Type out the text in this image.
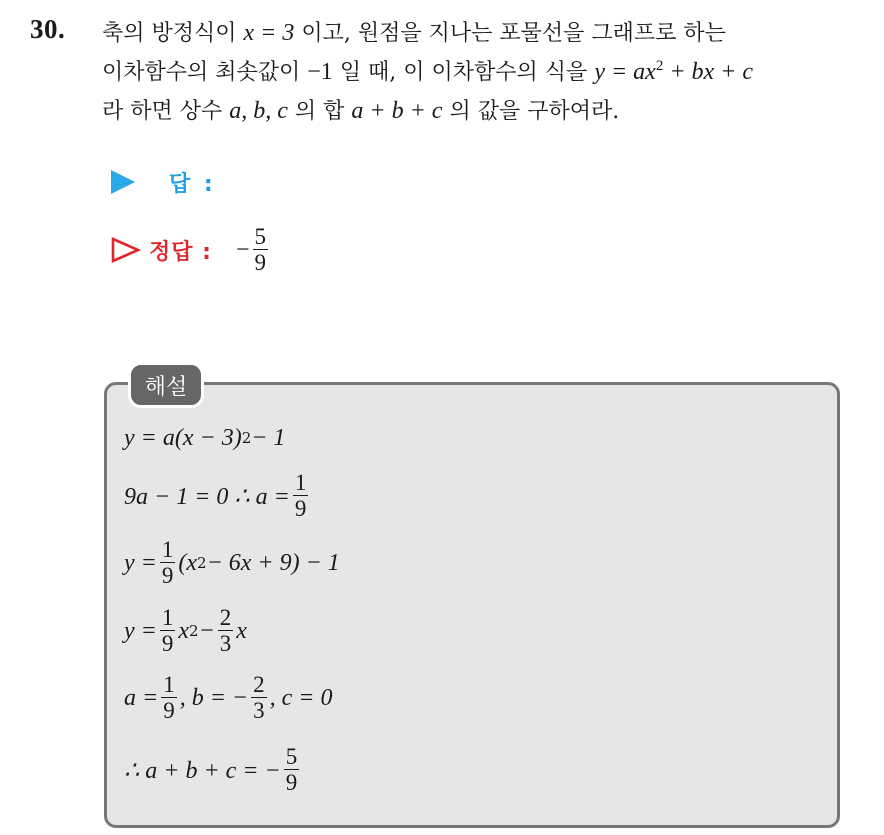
30. 축의 방정식이 x = 3 이고, 원점을 지나는 포물선을 그래프로 하는
이차함수의 최솟값이 −1 일 때, 이 이차함수의 식을 $y = ax^2$ + bx + c
라 하면 상수 a, b, c 의 합 a + b + c 의 값을 구하여라.
답 :
정답 : − $\frac{5}{9}$
해설
y = a(x − 3) 2 − 1
9a − 1 = 0 ∴ $a = \frac{1}{9}$
$y = \frac{1}{9} (x$ 2 − 6x + 9) − 1
$y = \frac{1}{9}$ x $2 - \frac{2}{3}$ x
$a = \frac{1}{9}$ , b = − $\frac{2}{3}$ , c = 0
∴ a + b + c = − $\frac{5}{9}$
